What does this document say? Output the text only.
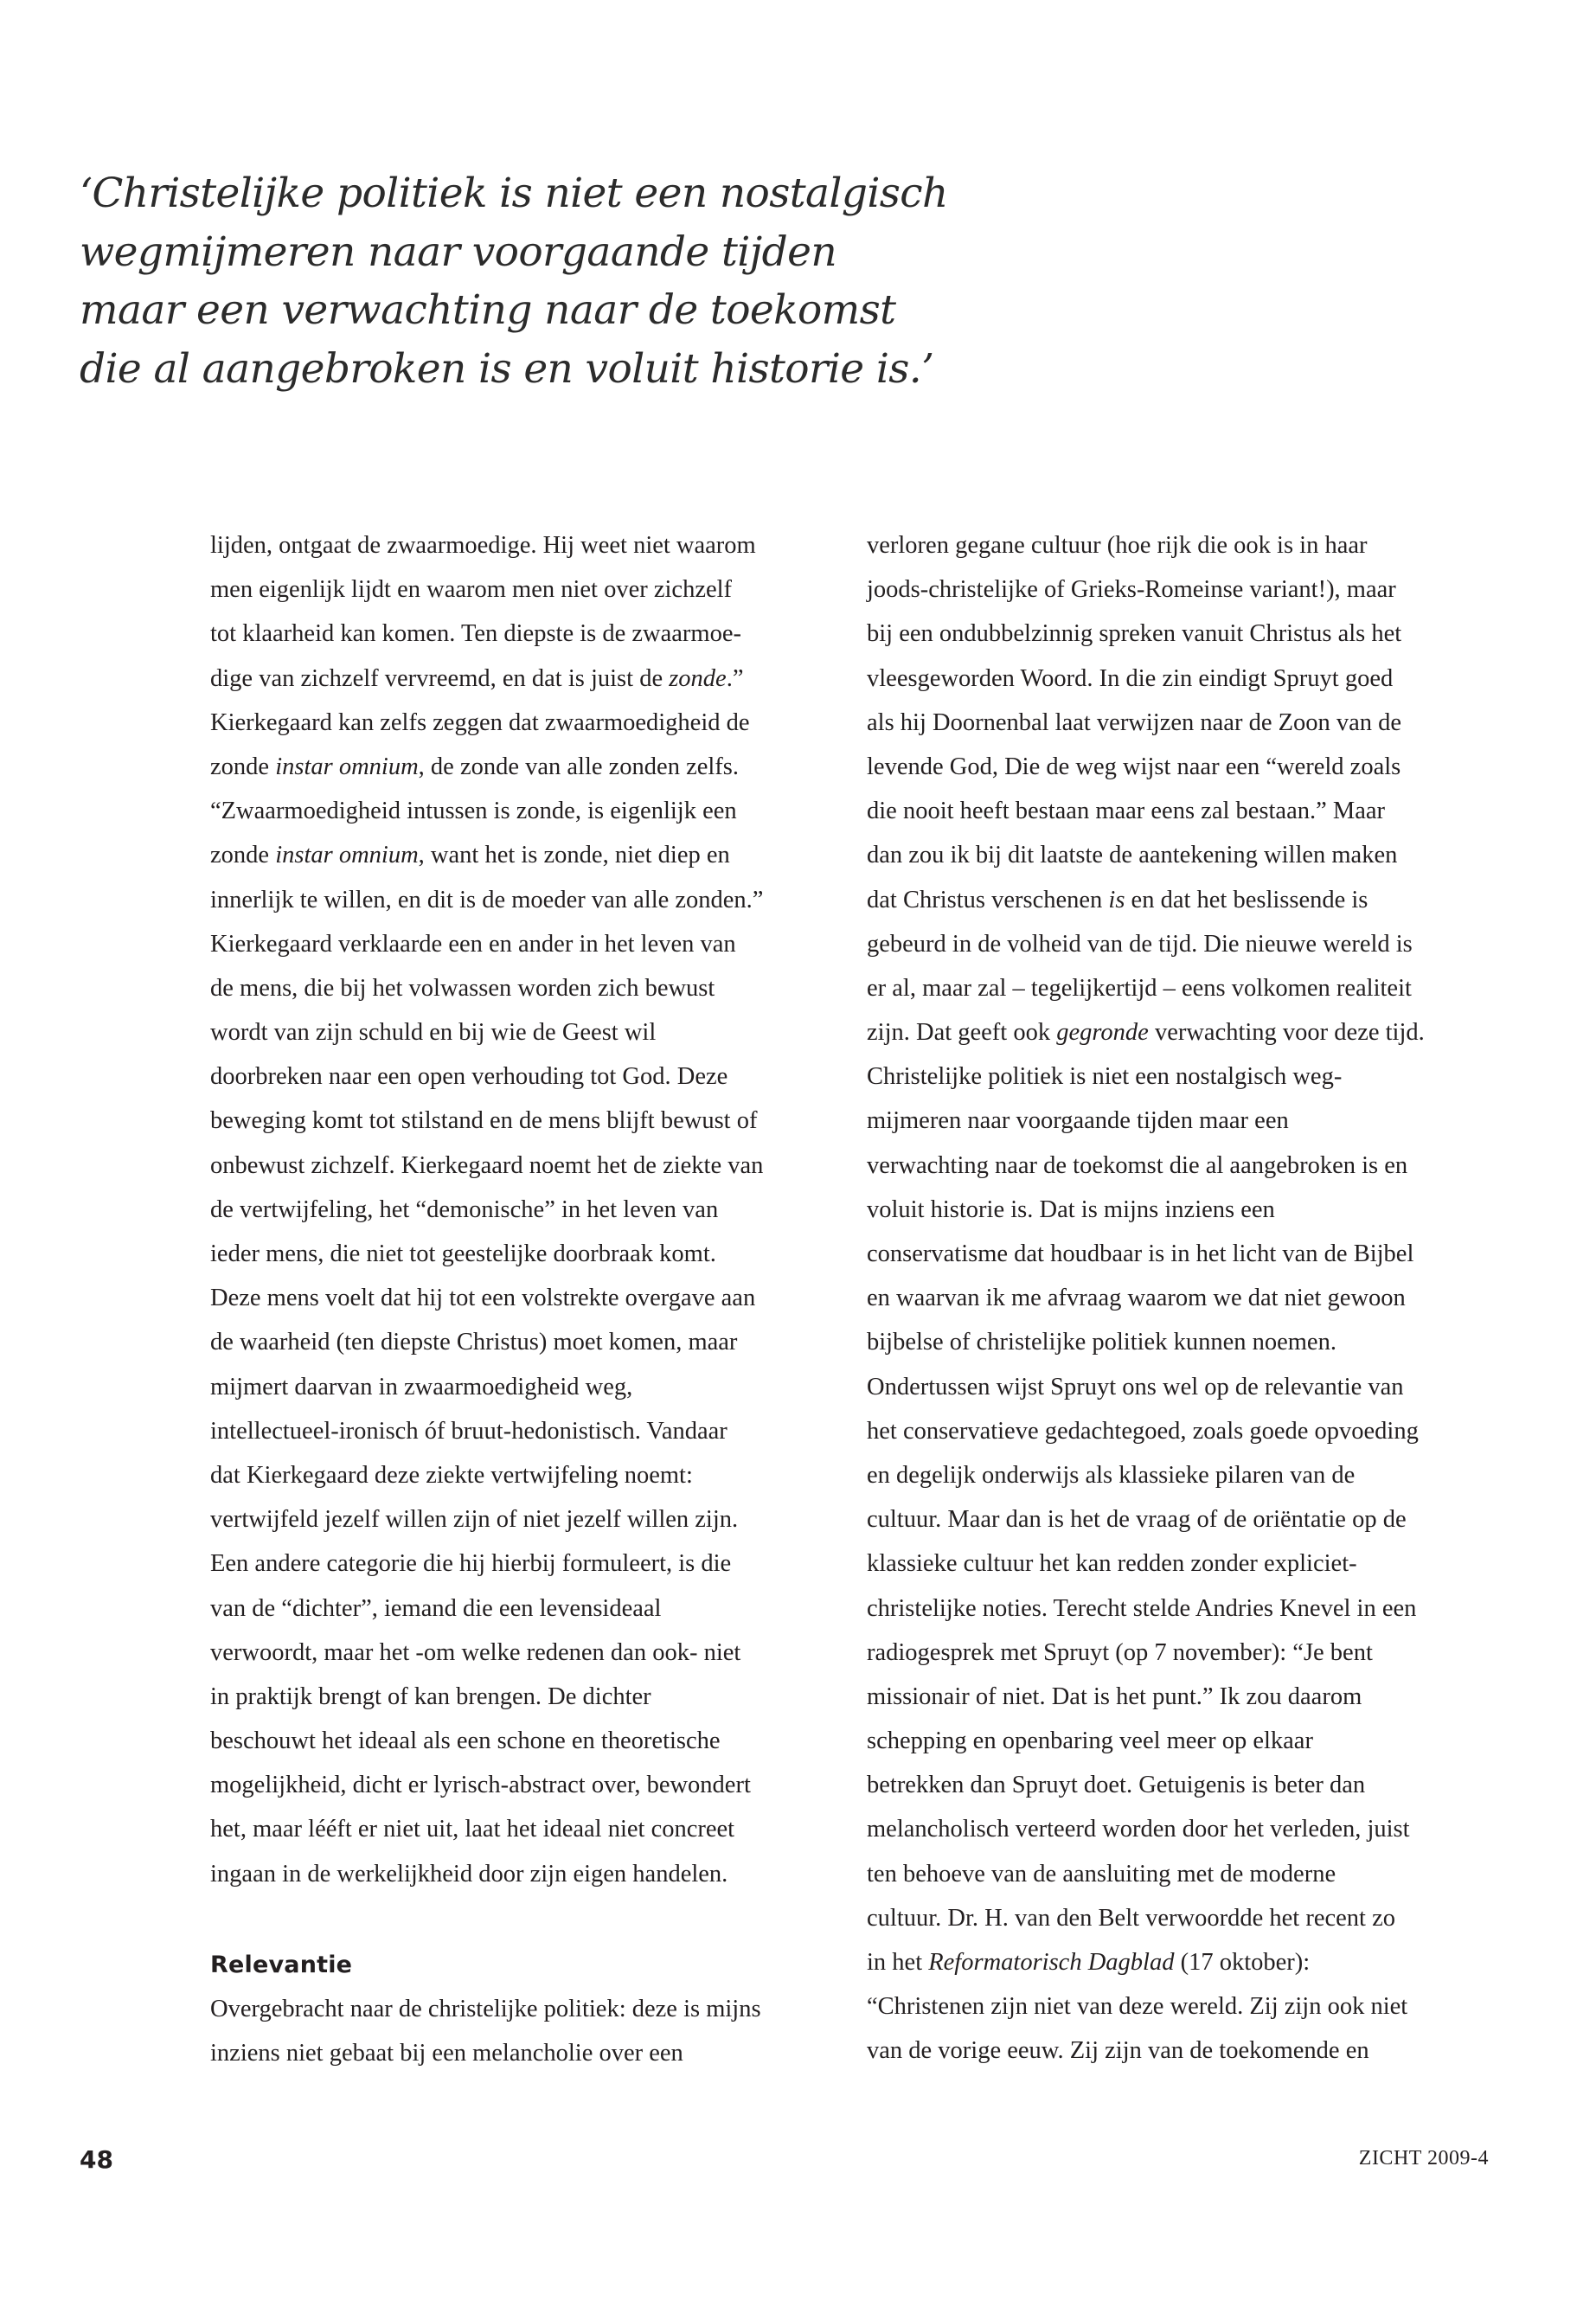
‘Christelijke politiek is niet een nostalgisch
wegmijmeren naar voorgaande tijden
maar een verwachting naar de toekomst
die al aangebroken is en voluit historie is.’
lijden, ontgaat de zwaarmoedige. Hij weet niet waarom
men eigenlijk lijdt en waarom men niet over zichzelf
tot klaarheid kan komen. Ten diepste is de zwaarmoe-
dige van zichzelf vervreemd, en dat is juist de zonde.”
Kierkegaard kan zelfs zeggen dat zwaarmoedigheid de
zonde instar omnium, de zonde van alle zonden zelfs.
“Zwaarmoedigheid intussen is zonde, is eigenlijk een
zonde instar omnium, want het is zonde, niet diep en
innerlijk te willen, en dit is de moeder van alle zonden.”
Kierkegaard verklaarde een en ander in het leven van
de mens, die bij het volwassen worden zich bewust
wordt van zijn schuld en bij wie de Geest wil
doorbreken naar een open verhouding tot God. Deze
beweging komt tot stilstand en de mens blijft bewust of
onbewust zichzelf. Kierkegaard noemt het de ziekte van
de vertwijfeling, het “demonische” in het leven van
ieder mens, die niet tot geestelijke doorbraak komt.
Deze mens voelt dat hij tot een volstrekte overgave aan
de waarheid (ten diepste Christus) moet komen, maar
mijmert daarvan in zwaarmoedigheid weg,
intellectueel-ironisch óf bruut-hedonistisch. Vandaar
dat Kierkegaard deze ziekte vertwijfeling noemt:
vertwijfeld jezelf willen zijn of niet jezelf willen zijn.
Een andere categorie die hij hierbij formuleert, is die
van de “dichter”, iemand die een levensideaal
verwoordt, maar het -om welke redenen dan ook- niet
in praktijk brengt of kan brengen. De dichter
beschouwt het ideaal als een schone en theoretische
mogelijkheid, dicht er lyrisch-abstract over, bewondert
het, maar lééft er niet uit, laat het ideaal niet concreet
ingaan in de werkelijkheid door zijn eigen handelen.
Relevantie
Overgebracht naar de christelijke politiek: deze is mijns
inziens niet gebaat bij een melancholie over een
verloren gegane cultuur (hoe rijk die ook is in haar
joods-christelijke of Grieks-Romeinse variant!), maar
bij een ondubbelzinnig spreken vanuit Christus als het
vleesgeworden Woord. In die zin eindigt Spruyt goed
als hij Doornenbal laat verwijzen naar de Zoon van de
levende God, Die de weg wijst naar een “wereld zoals
die nooit heeft bestaan maar eens zal bestaan.” Maar
dan zou ik bij dit laatste de aantekening willen maken
dat Christus verschenen is en dat het beslissende is
gebeurd in de volheid van de tijd. Die nieuwe wereld is
er al, maar zal – tegelijkertijd – eens volkomen realiteit
zijn. Dat geeft ook gegronde verwachting voor deze tijd.
Christelijke politiek is niet een nostalgisch weg-
mijmeren naar voorgaande tijden maar een
verwachting naar de toekomst die al aangebroken is en
voluit historie is. Dat is mijns inziens een
conservatisme dat houdbaar is in het licht van de Bijbel
en waarvan ik me afvraag waarom we dat niet gewoon
bijbelse of christelijke politiek kunnen noemen.
Ondertussen wijst Spruyt ons wel op de relevantie van
het conservatieve gedachtegoed, zoals goede opvoeding
en degelijk onderwijs als klassieke pilaren van de
cultuur. Maar dan is het de vraag of de oriëntatie op de
klassieke cultuur het kan redden zonder expliciet-
christelijke noties. Terecht stelde Andries Knevel in een
radiogesprek met Spruyt (op 7 november): “Je bent
missionair of niet. Dat is het punt.” Ik zou daarom
schepping en openbaring veel meer op elkaar
betrekken dan Spruyt doet. Getuigenis is beter dan
melancholisch verteerd worden door het verleden, juist
ten behoeve van de aansluiting met de moderne
cultuur. Dr. H. van den Belt verwoordde het recent zo
in het Reformatorisch Dagblad (17 oktober):
“Christenen zijn niet van deze wereld. Zij zijn ook niet
van de vorige eeuw. Zij zijn van de toekomende en
48	ZICHT 2009-4
